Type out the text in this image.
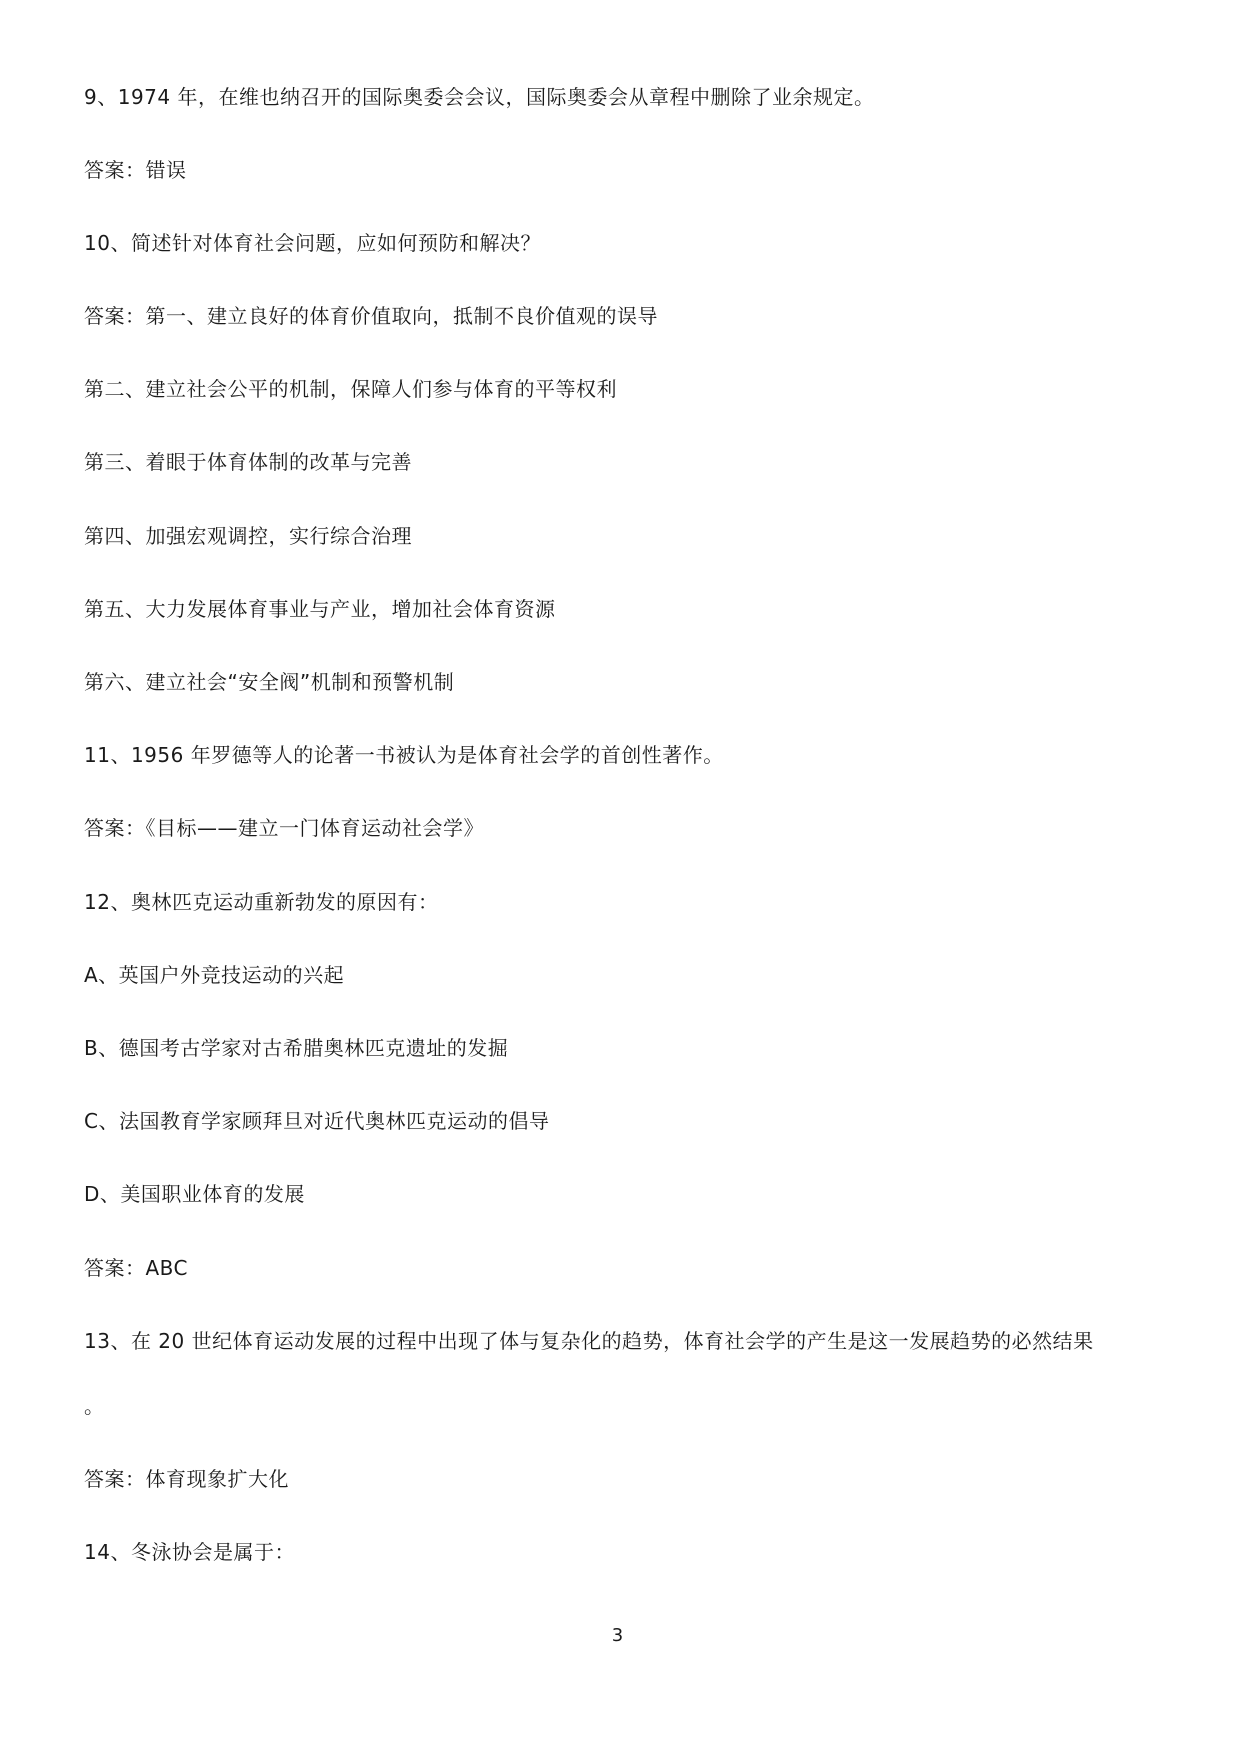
9、1974 年，在维也纳召开的国际奥委会会议，国际奥委会从章程中删除了业余规定。
答案：错误
10、简述针对体育社会问题，应如何预防和解决？
答案：第一、建立良好的体育价值取向，抵制不良价值观的误导
第二、建立社会公平的机制，保障人们参与体育的平等权利
第三、着眼于体育体制的改革与完善
第四、加强宏观调控，实行综合治理
第五、大力发展体育事业与产业，增加社会体育资源
第六、建立社会“安全阀”机制和预警机制
11、1956 年罗德等人的论著一书被认为是体育社会学的首创性著作。
答案：《目标——建立一门体育运动社会学》
12、奥林匹克运动重新勃发的原因有：
A、英国户外竞技运动的兴起
B、德国考古学家对古希腊奥林匹克遗址的发掘
C、法国教育学家顾拜旦对近代奥林匹克运动的倡导
D、美国职业体育的发展
答案：ABC
13、在 20 世纪体育运动发展的过程中出现了体与复杂化的趋势，体育社会学的产生是这一发展趋势的必然结果
。
答案：体育现象扩大化
14、冬泳协会是属于：
3
